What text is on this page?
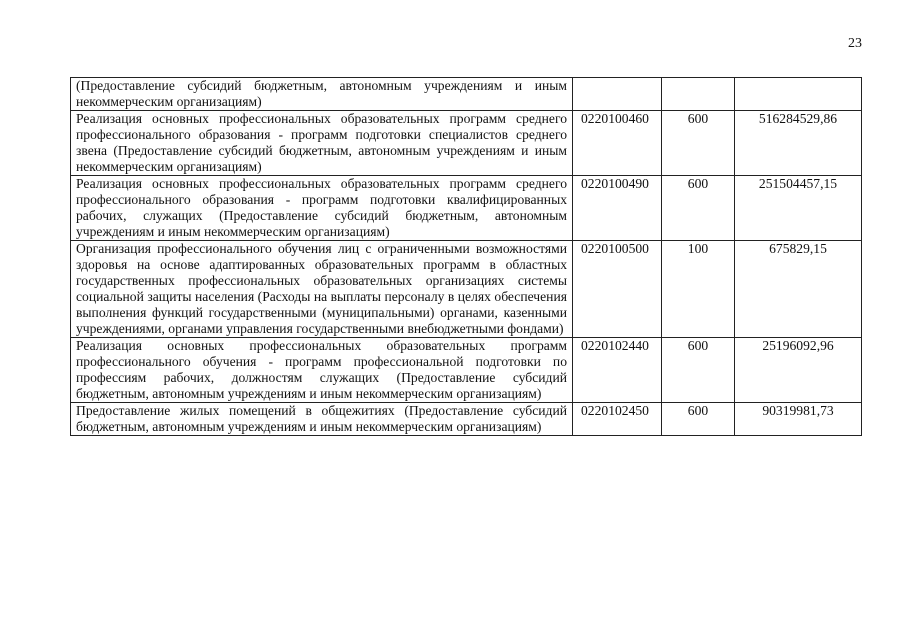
23
(Предоставление субсидий бюджетным, автономным учреждениям и иным некоммерческим организациям)			
Реализация основных профессиональных образовательных программ среднего профессионального образования - программ подготовки специалистов среднего звена (Предоставление субсидий бюджетным, автономным учреждениям и иным некоммерческим организациям)	0220100460	600	516284529,86
Реализация основных профессиональных образовательных программ среднего профессионального образования - программ подготовки квалифицированных рабочих, служащих (Предоставление субсидий бюджетным, автономным учреждениям и иным некоммерческим организациям)	0220100490	600	251504457,15
Организация профессионального обучения лиц с ограниченными возможностями здоровья на основе адаптированных образовательных программ в областных государственных профессиональных образовательных организациях системы социальной защиты населения (Расходы на выплаты персоналу в целях обеспечения выполнения функций государственными (муниципальными) органами, казенными учреждениями, органами управления государственными внебюджетными фондами)	0220100500	100	675829,15
Реализация основных профессиональных образовательных программ профессионального обучения - программ профессиональной подготовки по профессиям рабочих, должностям служащих (Предоставление субсидий бюджетным, автономным учреждениям и иным некоммерческим организациям)	0220102440	600	25196092,96
Предоставление жилых помещений в общежитиях (Предоставление субсидий бюджетным, автономным учреждениям и иным некоммерческим организациям)	0220102450	600	90319981,73
